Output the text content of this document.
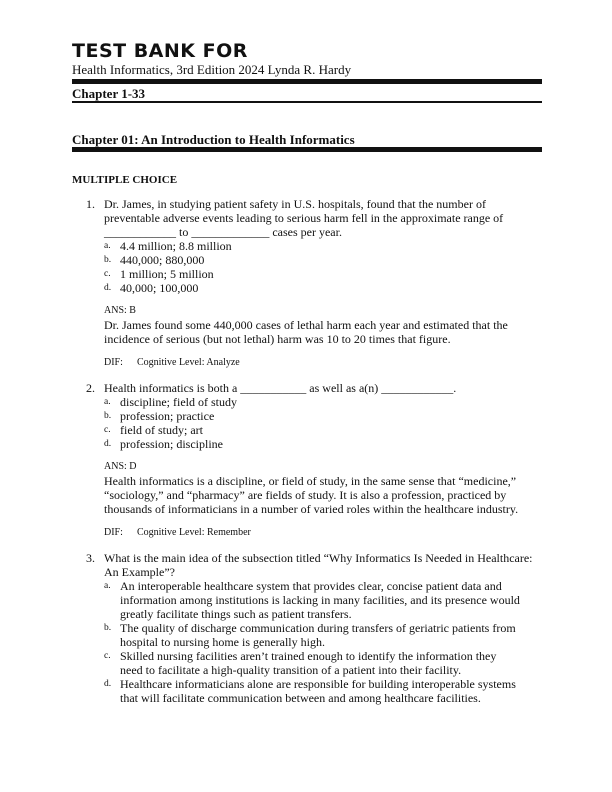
TEST BANK FOR
Health Informatics, 3rd Edition 2024 Lynda R. Hardy
Chapter 1-33
Chapter 01: An Introduction to Health Informatics
MULTIPLE CHOICE
1. Dr. James, in studying patient safety in U.S. hospitals, found that the number of
preventable adverse events leading to serious harm fell in the approximate range of
____________ to _____________ cases per year.
a. 4.4 million; 8.8 million
b. 440,000; 880,000
c. 1 million; 5 million
d. 40,000; 100,000
ANS: B
Dr. James found some 440,000 cases of lethal harm each year and estimated that the
incidence of serious (but not lethal) harm was 10 to 20 times that figure.
DIF: Cognitive Level: Analyze
2. Health informatics is both a ___________ as well as a(n) ____________.
a. discipline; field of study
b. profession; practice
c. field of study; art
d. profession; discipline
ANS: D
Health informatics is a discipline, or field of study, in the same sense that “medicine,”
“sociology,” and “pharmacy” are fields of study. It is also a profession, practiced by
thousands of informaticians in a number of varied roles within the healthcare industry.
DIF: Cognitive Level: Remember
3. What is the main idea of the subsection titled “Why Informatics Is Needed in Healthcare:
An Example”?
a. An interoperable healthcare system that provides clear, concise patient data and
information among institutions is lacking in many facilities, and its presence would
greatly facilitate things such as patient transfers.
b. The quality of discharge communication during transfers of geriatric patients from
hospital to nursing home is generally high.
c. Skilled nursing facilities aren’t trained enough to identify the information they
need to facilitate a high-quality transition of a patient into their facility.
d. Healthcare informaticians alone are responsible for building interoperable systems
that will facilitate communication between and among healthcare facilities.
